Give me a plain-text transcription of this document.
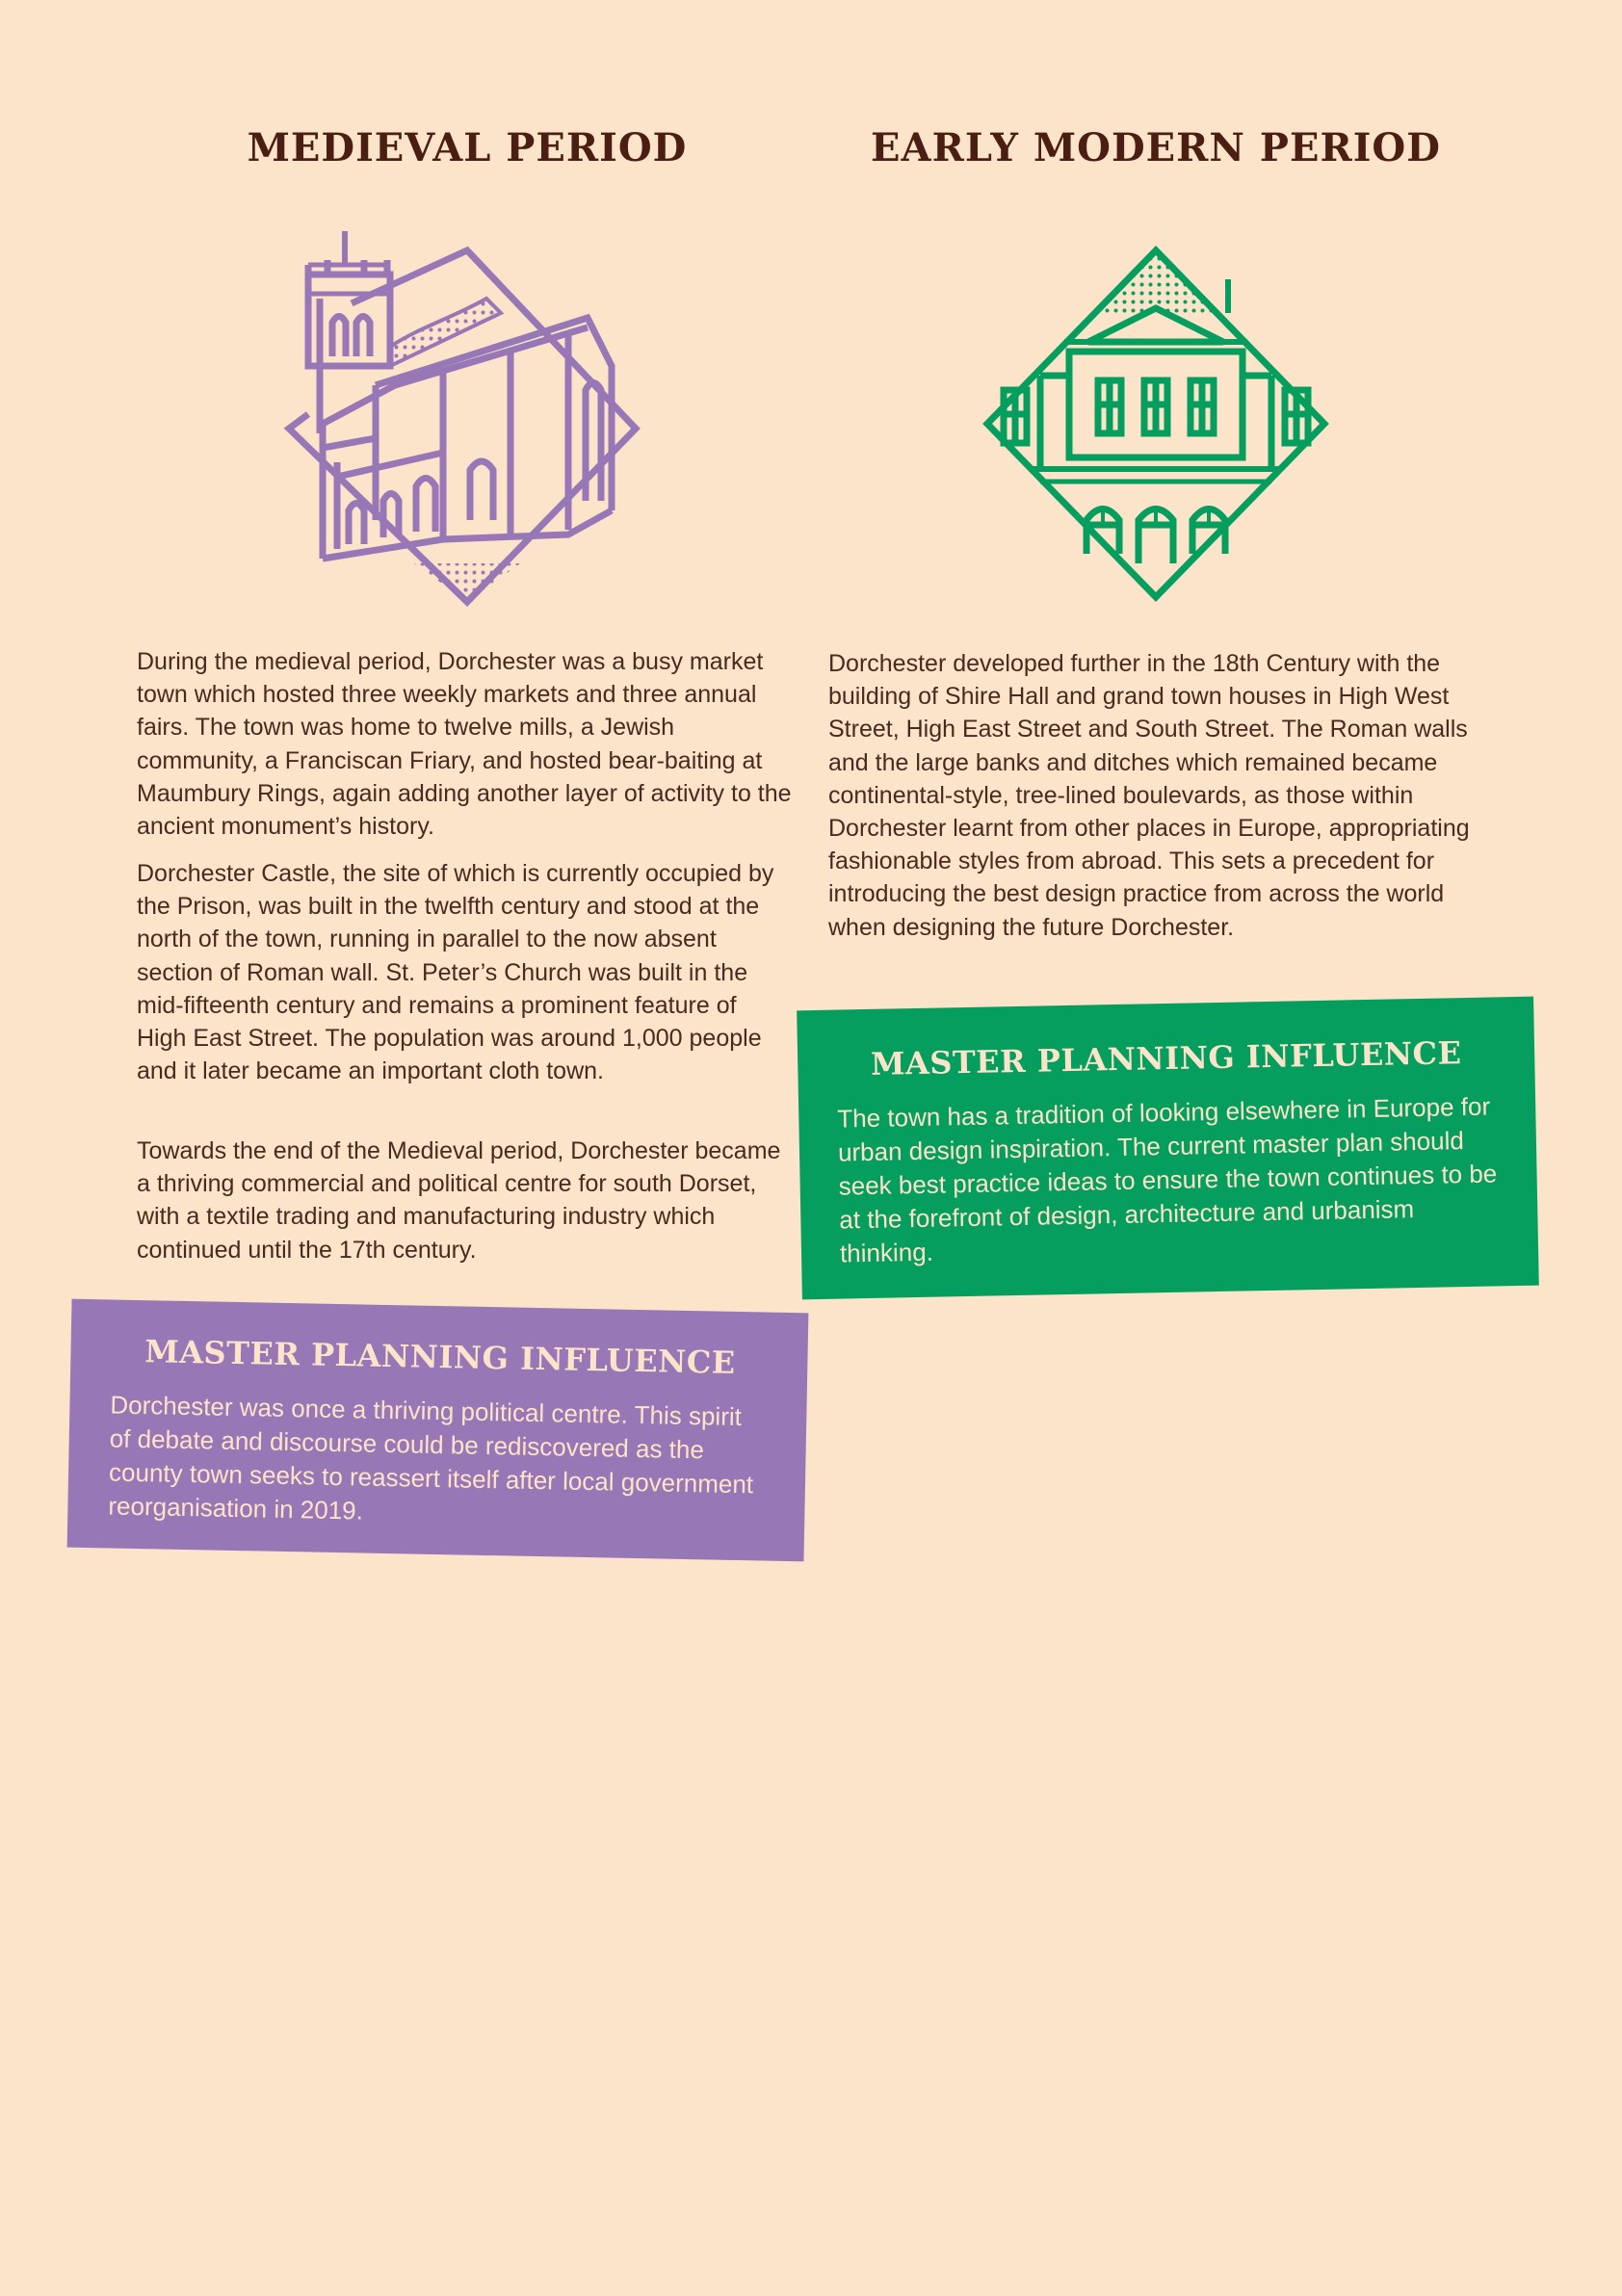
MEDIEVAL PERIOD	EARLY MODERN PERIOD

During the medieval period, Dorchester was a busy market town which hosted three weekly markets and three annual fairs. The town was home to twelve mills, a Jewish community, a Franciscan Friary, and hosted bear-baiting at Maumbury Rings, again adding another layer of activity to the ancient monument’s history.

Dorchester Castle, the site of which is currently occupied by the Prison, was built in the twelfth century and stood at the north of the town, running in parallel to the now absent section of Roman wall. St. Peter’s Church was built in the mid-fifteenth century and remains a prominent feature of High East Street. The population was around 1,000 people and it later became an important cloth town.

Towards the end of the Medieval period, Dorchester became a thriving commercial and political centre for south Dorset, with a textile trading and manufacturing industry which continued until the 17th century.

Dorchester developed further in the 18th Century with the building of Shire Hall and grand town houses in High West Street, High East Street and South Street. The Roman walls and the large banks and ditches which remained became continental-style, tree-lined boulevards, as those within Dorchester learnt from other places in Europe, appropriating fashionable styles from abroad. This sets a precedent for introducing the best design practice from across the world when designing the future Dorchester.

MASTER PLANNING INFLUENCE

The town has a tradition of looking elsewhere in Europe for urban design inspiration. The current master plan should seek best practice ideas to ensure the town continues to be at the forefront of design, architecture and urbanism thinking.

MASTER PLANNING INFLUENCE

Dorchester was once a thriving political centre. This spirit of debate and discourse could be rediscovered as the county town seeks to reassert itself after local government reorganisation in 2019.
